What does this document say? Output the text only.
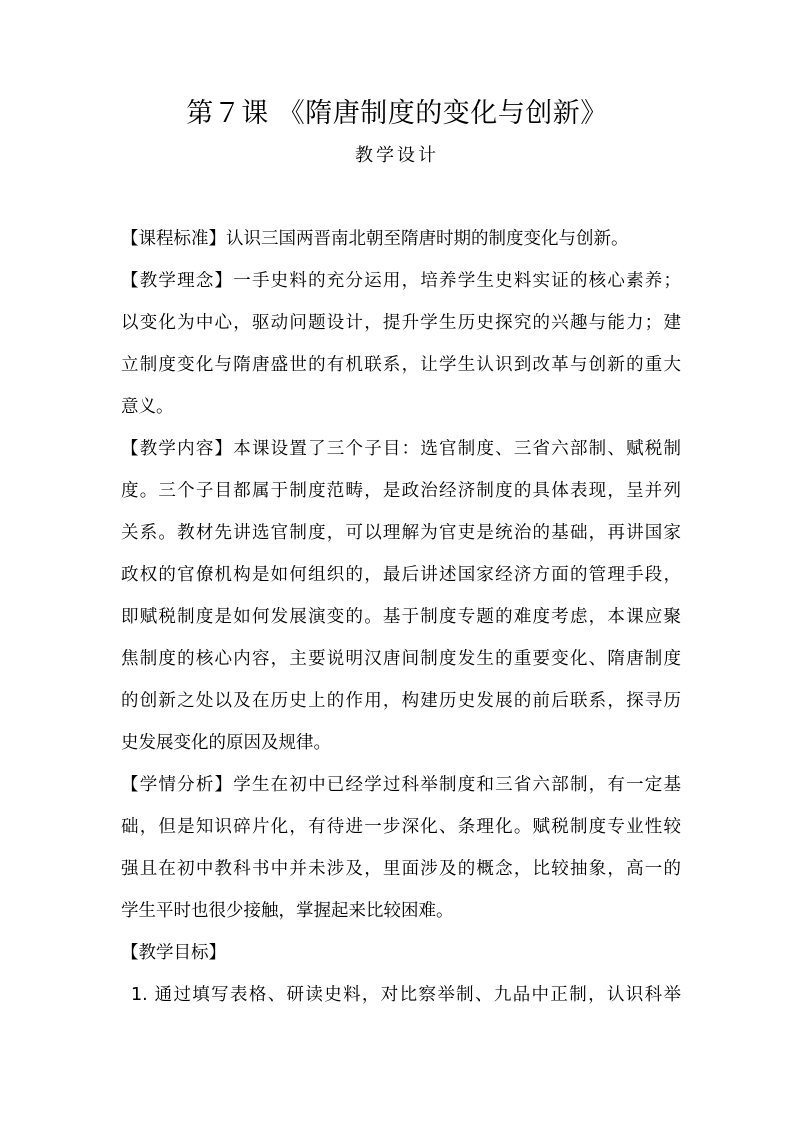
第７课 《隋唐制度的变化与创新》
教学设计
【课程标准】认识三国两晋南北朝至隋唐时期的制度变化与创新。
【教学理念】一手史料的充分运用，培养学生史料实证的核心素养；
以变化为中心，驱动问题设计，提升学生历史探究的兴趣与能力；建
立制度变化与隋唐盛世的有机联系，让学生认识到改革与创新的重大
意义。
【教学内容】本课设置了三个子目：选官制度、三省六部制、赋税制
度。三个子目都属于制度范畴，是政治经济制度的具体表现，呈并列
关系。教材先讲选官制度，可以理解为官吏是统治的基础，再讲国家
政权的官僚机构是如何组织的，最后讲述国家经济方面的管理手段，
即赋税制度是如何发展演变的。基于制度专题的难度考虑，本课应聚
焦制度的核心内容，主要说明汉唐间制度发生的重要变化、隋唐制度
的创新之处以及在历史上的作用，构建历史发展的前后联系，探寻历
史发展变化的原因及规律。
【学情分析】学生在初中已经学过科举制度和三省六部制，有一定基
础，但是知识碎片化，有待进一步深化、条理化。赋税制度专业性较
强且在初中教科书中并未涉及，里面涉及的概念，比较抽象，高一的
学生平时也很少接触，掌握起来比较困难。
【教学目标】
1. 通过填写表格、研读史料，对比察举制、九品中正制，认识科举
